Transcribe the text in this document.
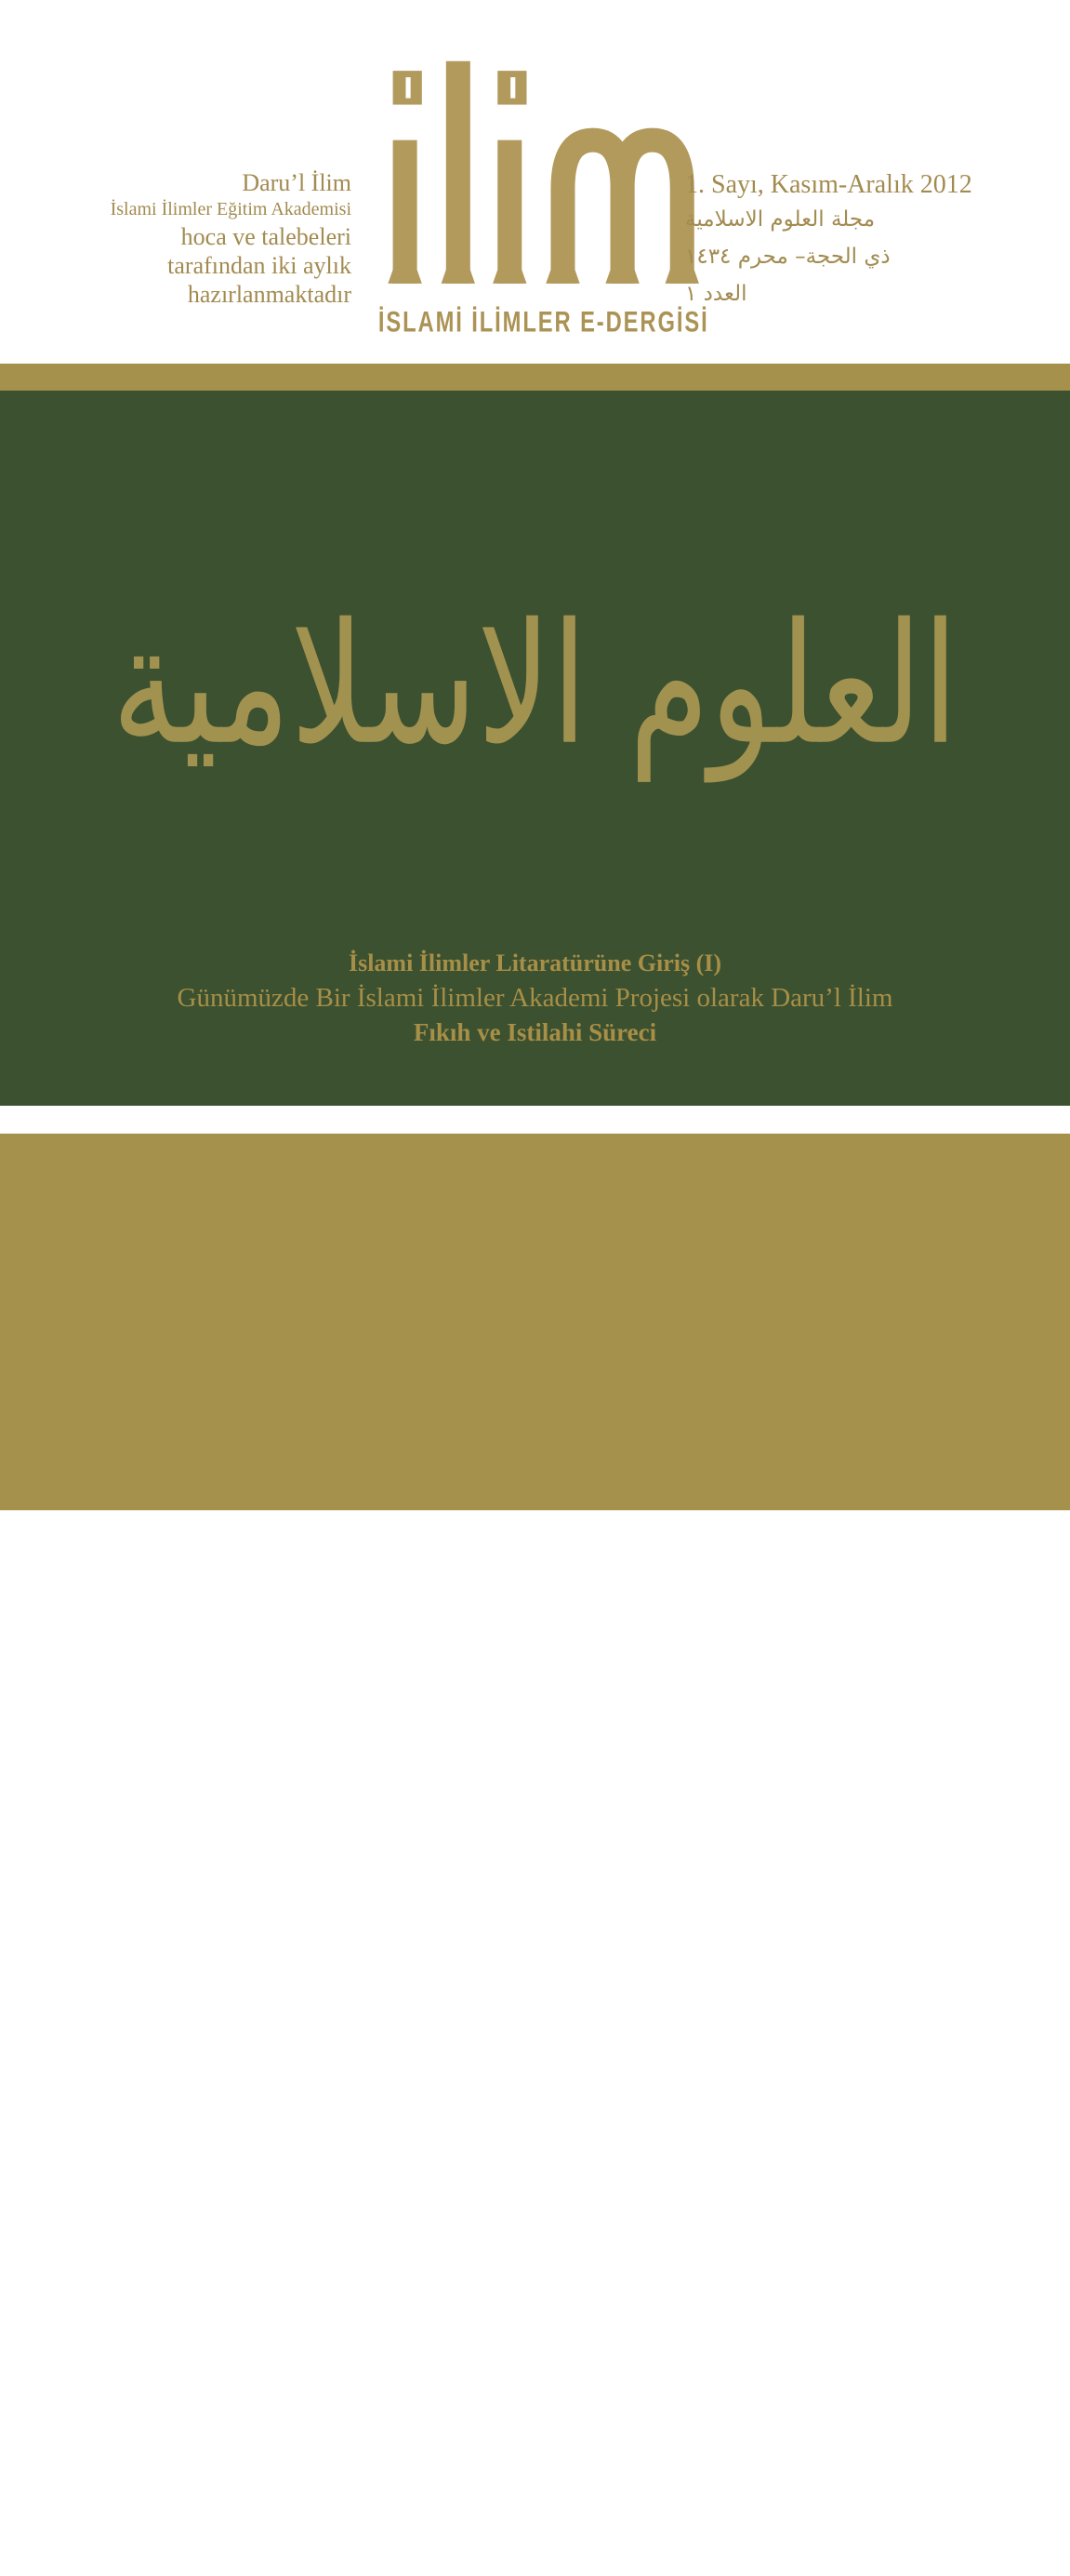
Daru’l İlim
İslami İlimler Eğitim Akademisi
hoca ve talebeleri
tarafından iki aylık
hazırlanmaktadır
İSLAMİ İLİMLER E-DERGİSİ
1. Sayı, Kasım-Aralık 2012
مجلة العلوم الاسلامية
ذي الحجة– محرم ١٤٣٤
العدد ١
العلوم الاسلامية
İslami İlimler Litaratürüne Giriş (I)
Günümüzde Bir İslami İlimler Akademi Projesi olarak Daru’l İlim
Fıkıh ve Istilahi Süreci
SERİ YAZILAR
> Ticaret fıkhının temelleri
> Hadis mi değil mi? (11)
> Mübtedilere usûl-i hadis ıstilahları
SÖYLEŞİLER
> İbni Haldun ile İslami ilimler üzerine
> Akademisyenlerimize sorduk: İslami ilimler bize ne kazandırıyor?
KÜTÜPHANE-KİTABİYAT
> Süleymaniye Kütüphanesi (ı)
> Şerhu Maâni’l Asâr, İmam Tahavi; Ahkâmü’l Kurân, İmam Cessas
